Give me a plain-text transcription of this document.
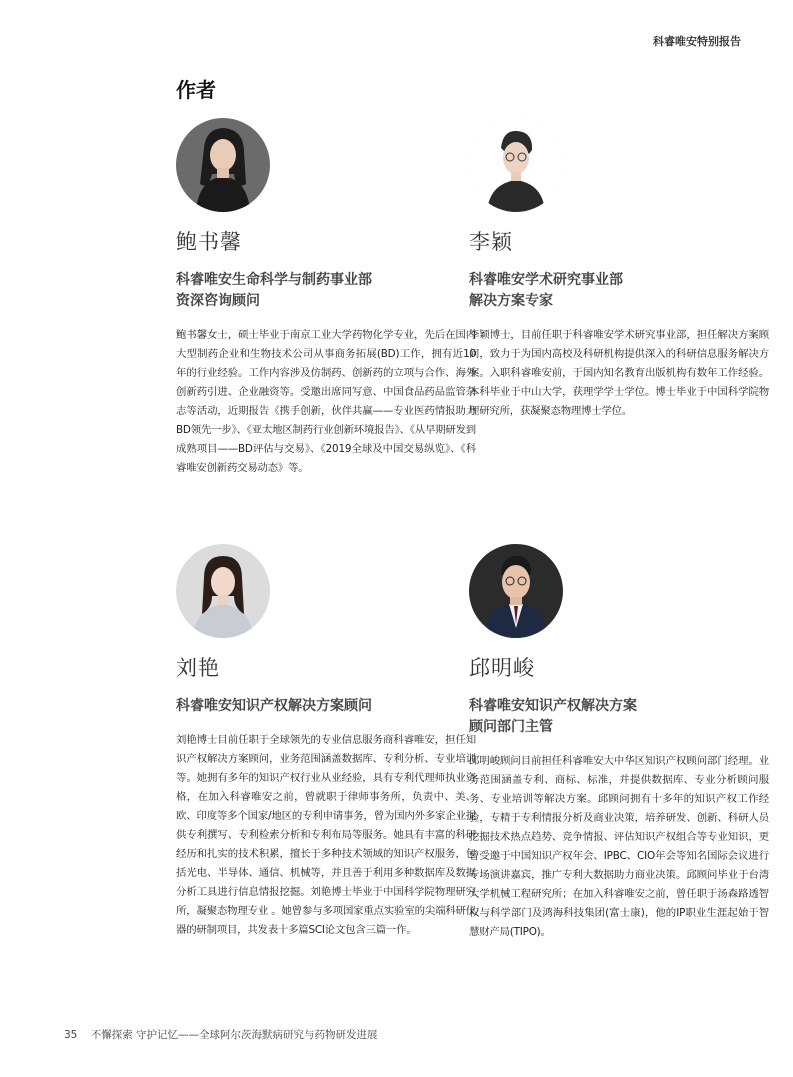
科睿唯安特别报告
作者
鲍书馨
科睿唯安生命科学与制药事业部
资深咨询顾问
鲍书馨女士，硕士毕业于南京工业大学药物化学专业，先后在国内大型制药企业和生物技术公司从事商务拓展(BD)工作，拥有近10年的行业经验。工作内容涉及仿制药、创新药的立项与合作、海外创新药引进、企业融资等。受邀出席同写意、中国食品药品监管杂志等活动，近期报告《携手创新，伙伴共赢——专业医药情报助力BD领先一步》、《亚太地区制药行业创新环境报告》、《从早期研发到成熟项目——BD评估与交易》、《2019全球及中国交易纵览》、《科睿唯安创新药交易动态》等。
李颖
科睿唯安学术研究事业部
解决方案专家
李颖博士，目前任职于科睿唯安学术研究事业部，担任解决方案顾问，致力于为国内高校及科研机构提供深入的科研信息服务解决方案。入职科睿唯安前，于国内知名教育出版机构有数年工作经验。本科毕业于中山大学，获理学学士学位。博士毕业于中国科学院物理研究所，获凝聚态物理博士学位。
刘艳
科睿唯安知识产权解决方案顾问
刘艳博士目前任职于全球领先的专业信息服务商科睿唯安，担任知识产权解决方案顾问，业务范围涵盖数据库、专利分析、专业培训等。她拥有多年的知识产权行业从业经验，具有专利代理师执业资格，在加入科睿唯安之前，曾就职于律师事务所，负责中、美、欧、印度等多个国家/地区的专利申请事务，曾为国内外多家企业提供专利撰写、专利检索分析和专利布局等服务。她具有丰富的科研经历和扎实的技术积累，擅长于多种技术领域的知识产权服务，包括光电、半导体、通信、机械等，并且善于利用多种数据库及数据分析工具进行信息情报挖掘。刘艳博士毕业于中国科学院物理研究所，凝聚态物理专业 。她曾参与多项国家重点实验室的尖端科研仪器的研制项目，共发表十多篇SCI论文包含三篇一作。
邱明峻
科睿唯安知识产权解决方案
顾问部门主管
邱明峻顾问目前担任科睿唯安大中华区知识产权顾问部门经理。业务范围涵盖专利、商标、标准，并提供数据库、专业分析顾问服务、专业培训等解决方案。邱顾问拥有十多年的知识产权工作经验，专精于专利情报分析及商业决策，培养研发、创新、科研人员挖掘技术热点趋势、竞争情报、评估知识产权组合等专业知识，更曾受邀于中国知识产权年会、IPBC、CIO年会等知名国际会议进行专场演讲嘉宾，推广专利大数据助力商业决策。邱顾问毕业于台湾大学机械工程研究所；在加入科睿唯安之前，曾任职于汤森路透智权与科学部门及鸿海科技集团(富士康)，他的IP职业生涯起始于智慧财产局(TIPO)。
35 不懈探索 守护记忆——全球阿尔茨海默病研究与药物研发进展
